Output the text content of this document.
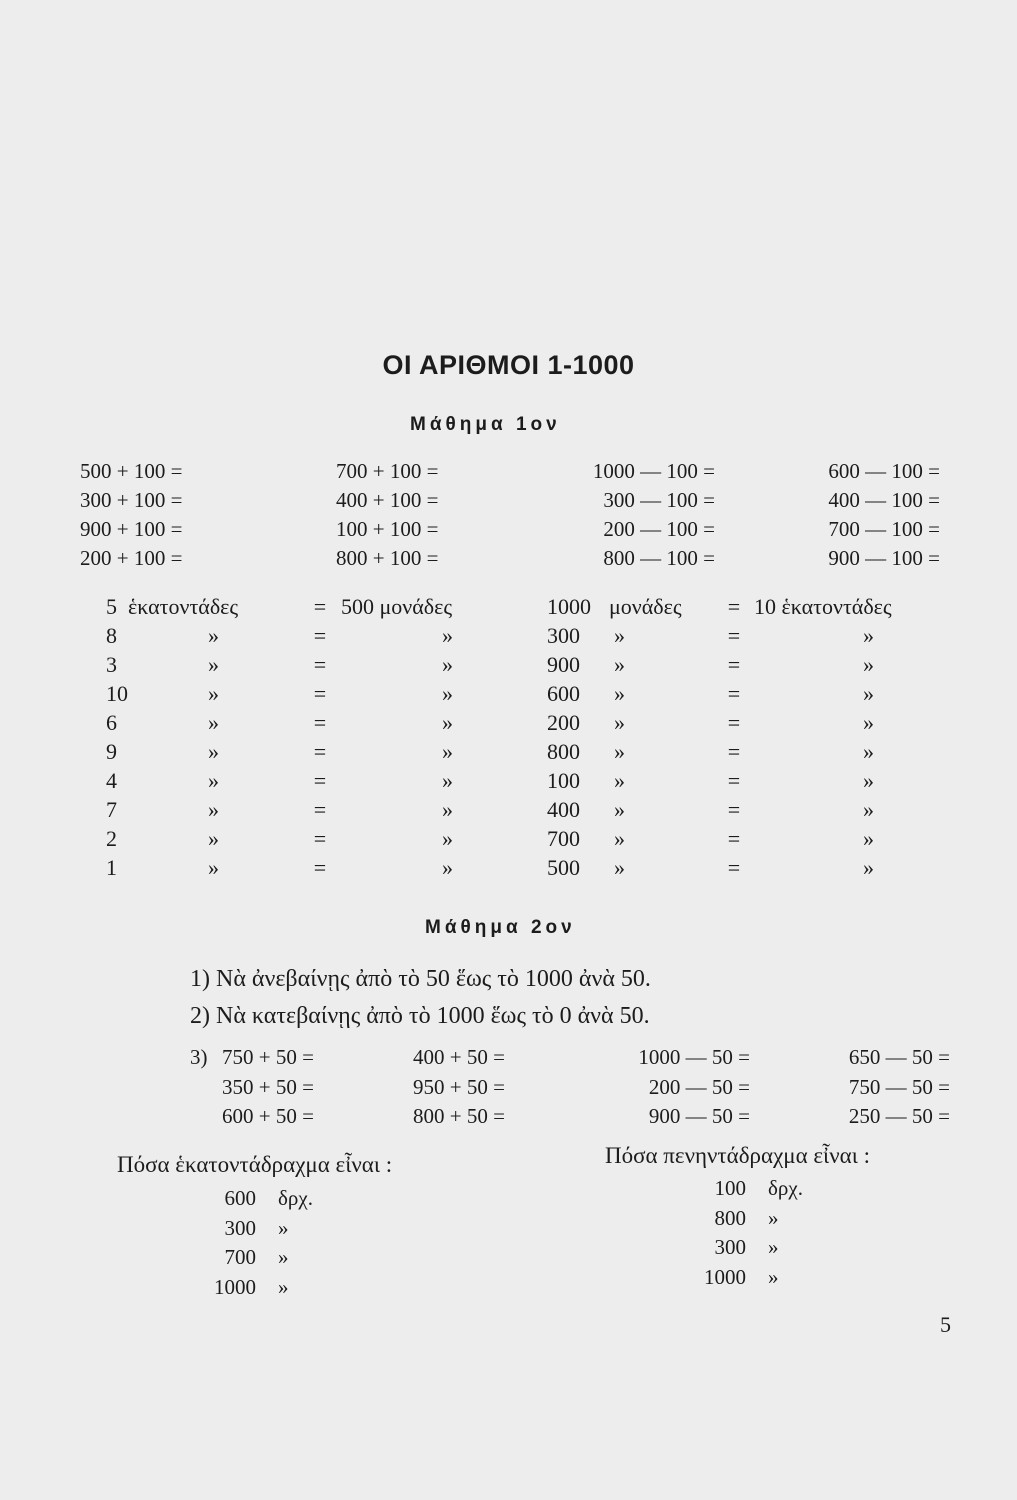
ΟΙ ΑΡΙΘΜΟΙ 1-1000
Μάθημα 1ον
500 + 100 =
300 + 100 =
900 + 100 =
200 + 100 =
700 + 100 =
400 + 100 =
100 + 100 =
800 + 100 =
1000 — 100 =
300 — 100 =
200 — 100 =
800 — 100 =
600 — 100 =
400 — 100 =
700 — 100 =
900 — 100 =
5
8
3
10
6
9
4
7
2
1
ἑκατοντάδες
»
»
»
»
»
»
»
»
»
=
=
=
=
=
=
=
=
=
=
500 μονάδες
»
»
»
»
»
»
»
»
»
1000
300
900
600
200
800
100
400
700
500
μονάδες
»
»
»
»
»
»
»
»
»
=
=
=
=
=
=
=
=
=
=
10 ἑκατοντάδες
»
»
»
»
»
»
»
»
»
Μάθημα 2ον
1) Νὰ ἀνεβαίνῃς ἀπὸ τὸ 50 ἕως τὸ 1000 ἀνὰ 50.
2) Νὰ κατεβαίνῃς ἀπὸ τὸ 1000 ἕως τὸ 0 ἀνὰ 50.
3) 750 + 50 =
350 + 50 =
600 + 50 =
400 + 50 =
950 + 50 =
800 + 50 =
1000 — 50 =
200 — 50 =
900 — 50 =
650 — 50 =
750 — 50 =
250 — 50 =
Πόσα ἑκατοντάδραχμα εἶναι :	Πόσα πενηντάδραχμα εἶναι :
600
300
700
1000
δρχ.
»
»
»
100
800
300
1000
δρχ.
»
»
»
5
